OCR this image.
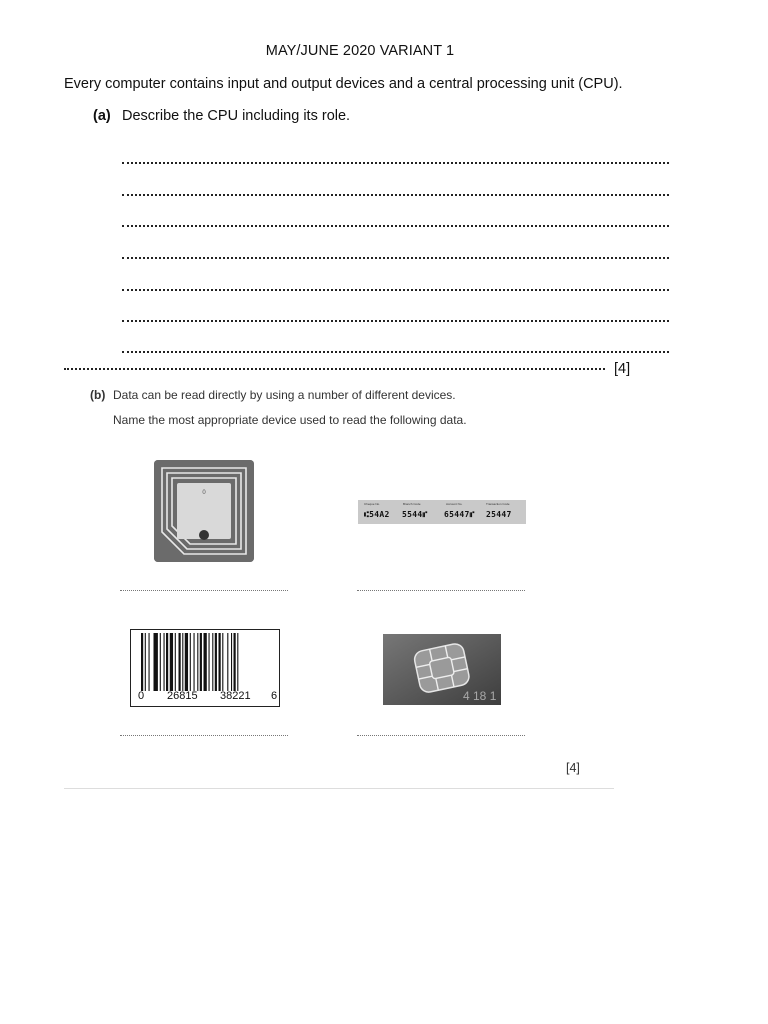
MAY/JUNE 2020 VARIANT 1
Every computer contains input and output devices and a central processing unit (CPU).
(a) Describe the CPU including its role.
[4]
(b) Data can be read directly by using a number of different devices.
Name the most appropriate device used to read the following data.
0
Cheque No.	Branch Code	Account No.	Transaction Code
⑆54A2 5544⑈ 65447⑈ 25447
0 26815 38221 6	4 18 1
[4]
